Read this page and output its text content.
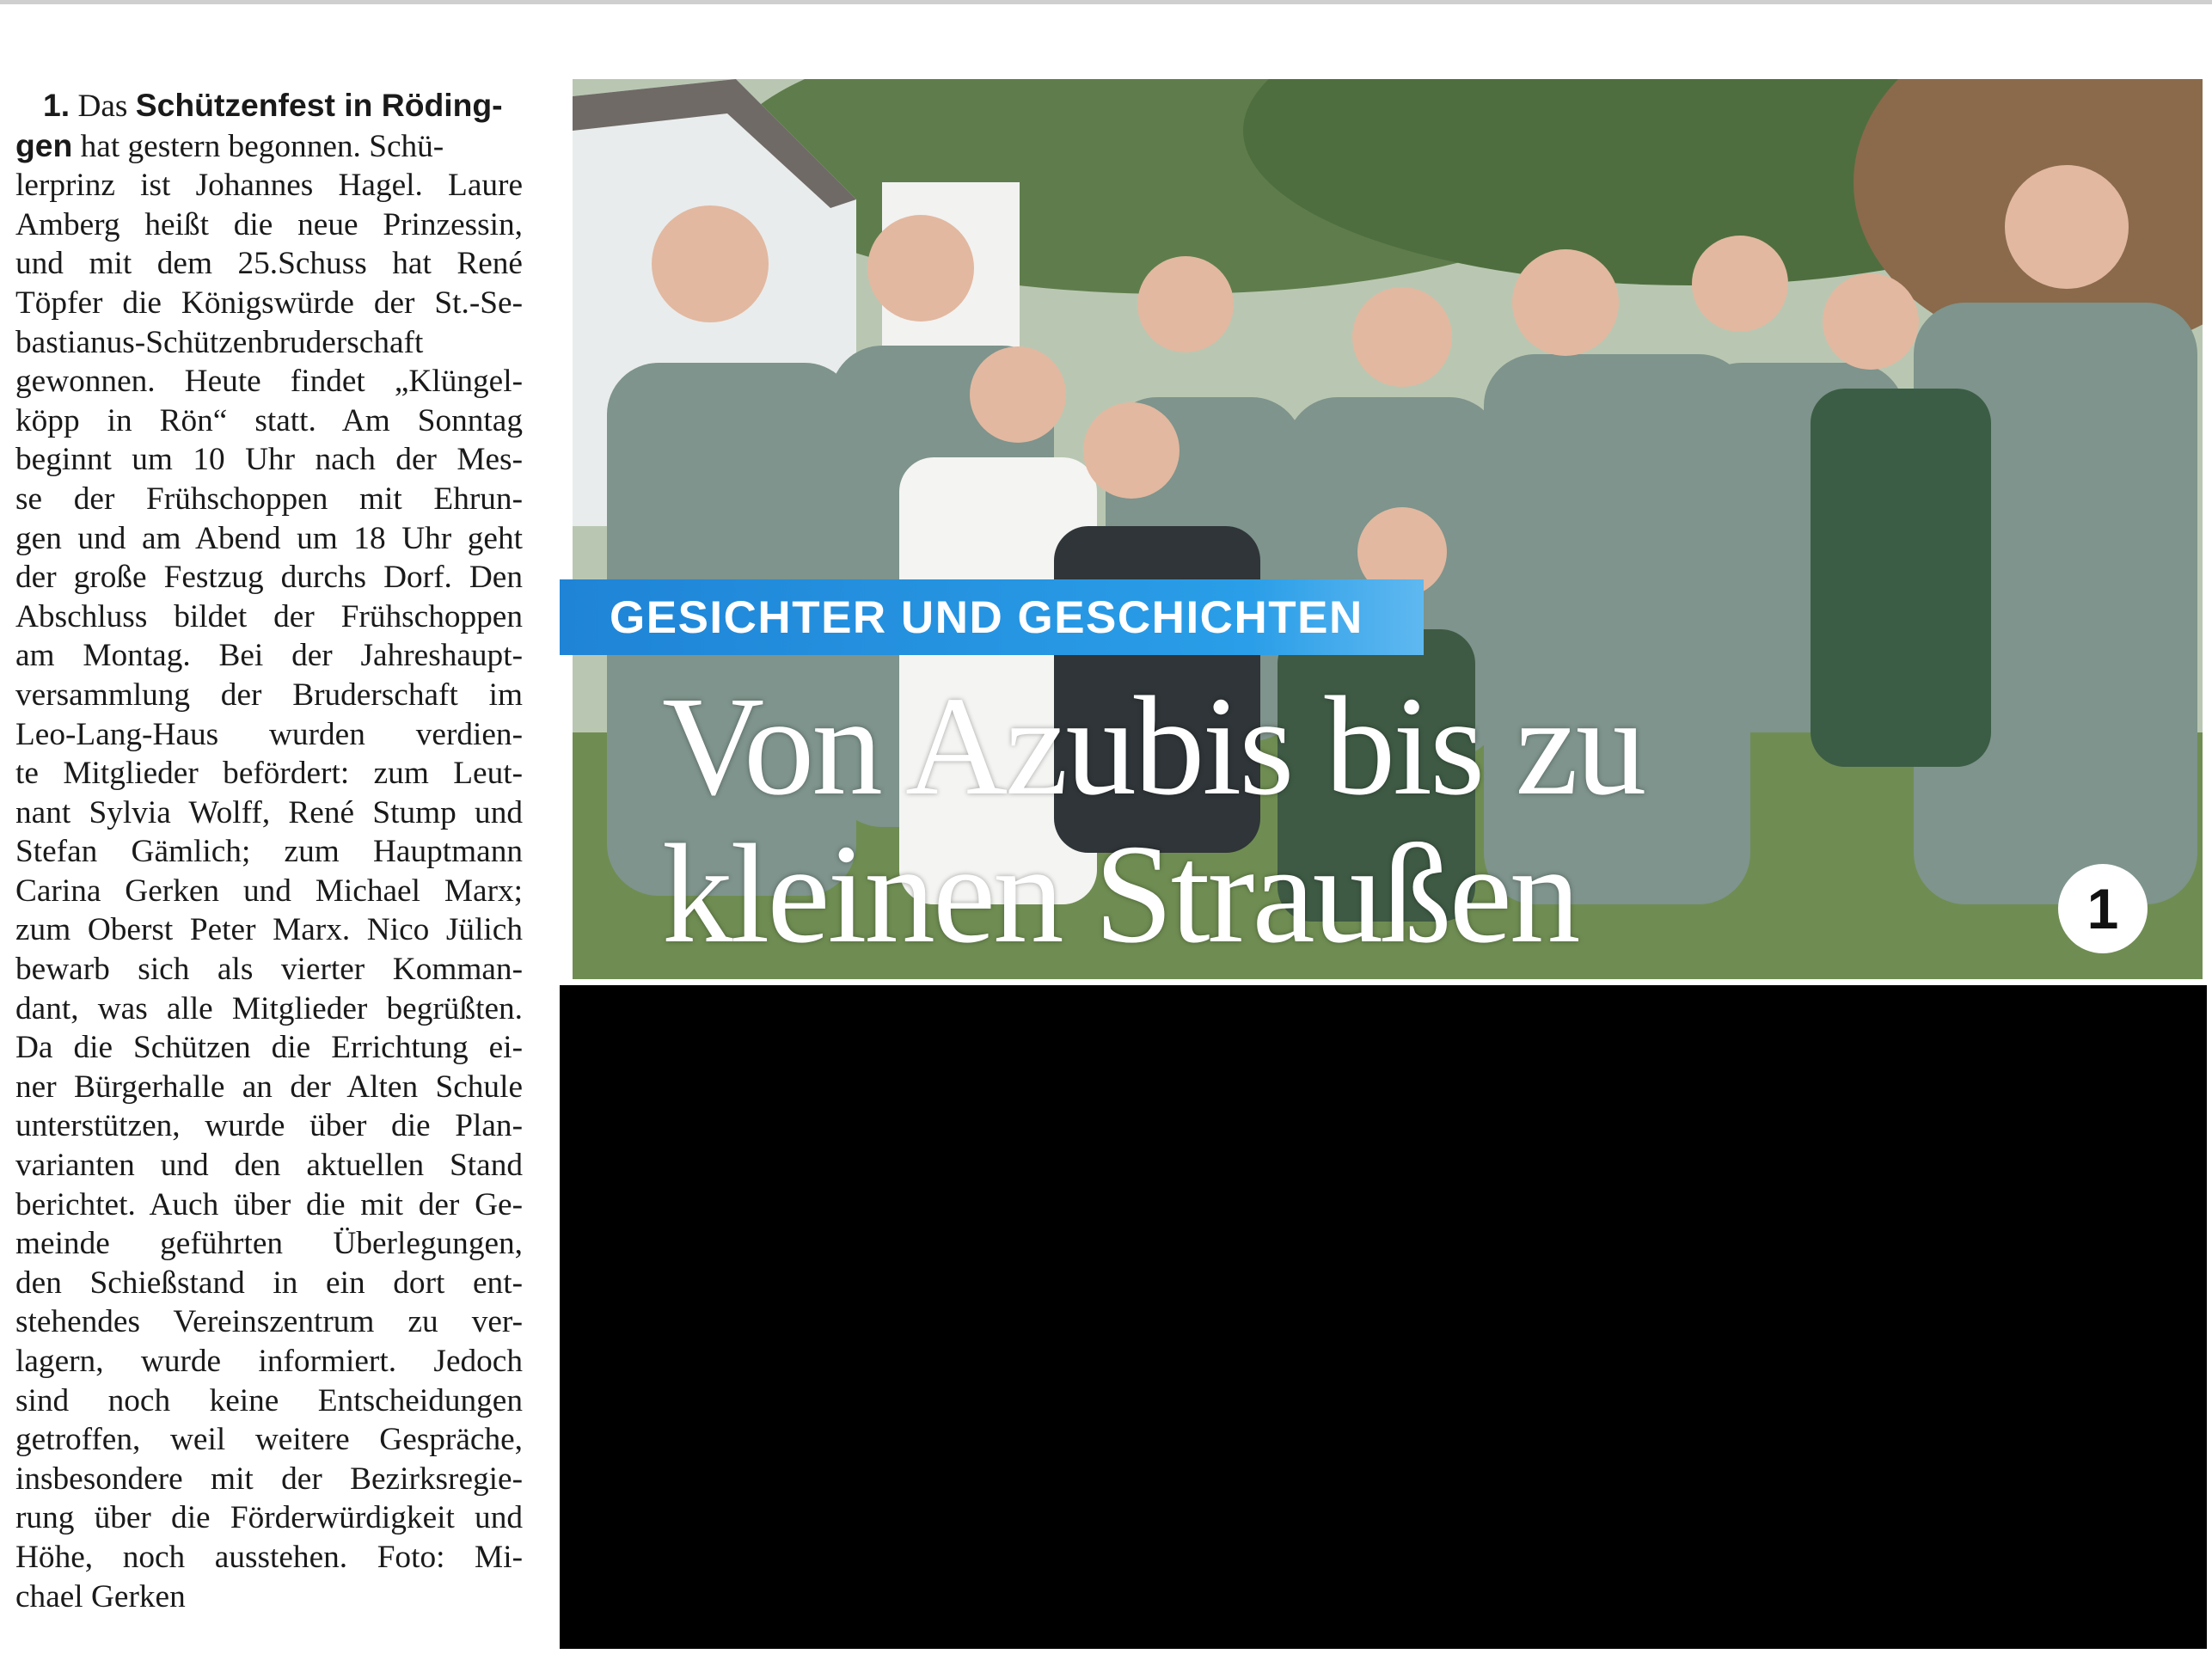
1. Das Schützenfest in Röding-
gen hat gestern begonnen. Schü-
lerprinz ist Johannes Hagel. Laure
Amberg heißt die neue Prinzessin,
und mit dem 25.Schuss hat René
Töpfer die Königswürde der St.-Se-
bastianus-Schützenbruderschaft
gewonnen. Heute findet „Klüngel-
köpp in Rön“ statt. Am Sonntag
beginnt um 10 Uhr nach der Mes-
se der Frühschoppen mit Ehrun-
gen und am Abend um 18 Uhr geht
der große Festzug durchs Dorf. Den
Abschluss bildet der Frühschoppen
am Montag. Bei der Jahreshaupt-
versammlung der Bruderschaft im
Leo-Lang-Haus wurden verdien-
te Mitglieder befördert: zum Leut-
nant Sylvia Wolff, René Stump und
Stefan Gämlich; zum Hauptmann
Carina Gerken und Michael Marx;
zum Oberst Peter Marx. Nico Jülich
bewarb sich als vierter Komman-
dant, was alle Mitglieder begrüßten.
Da die Schützen die Errichtung ei-
ner Bürgerhalle an der Alten Schule
unterstützen, wurde über die Plan-
varianten und den aktuellen Stand
berichtet. Auch über die mit der Ge-
meinde geführten Überlegungen,
den Schießstand in ein dort ent-
stehendes Vereinszentrum zu ver-
lagern, wurde informiert. Jedoch
sind noch keine Entscheidungen
getroffen, weil weitere Gespräche,
insbesondere mit der Bezirksregie-
rung über die Förderwürdigkeit und
Höhe, noch ausstehen. Foto: Mi-
chael Gerken
GESICHTER UND GESCHICHTEN
Von Azubis bis zu
kleinen Straußen	1
